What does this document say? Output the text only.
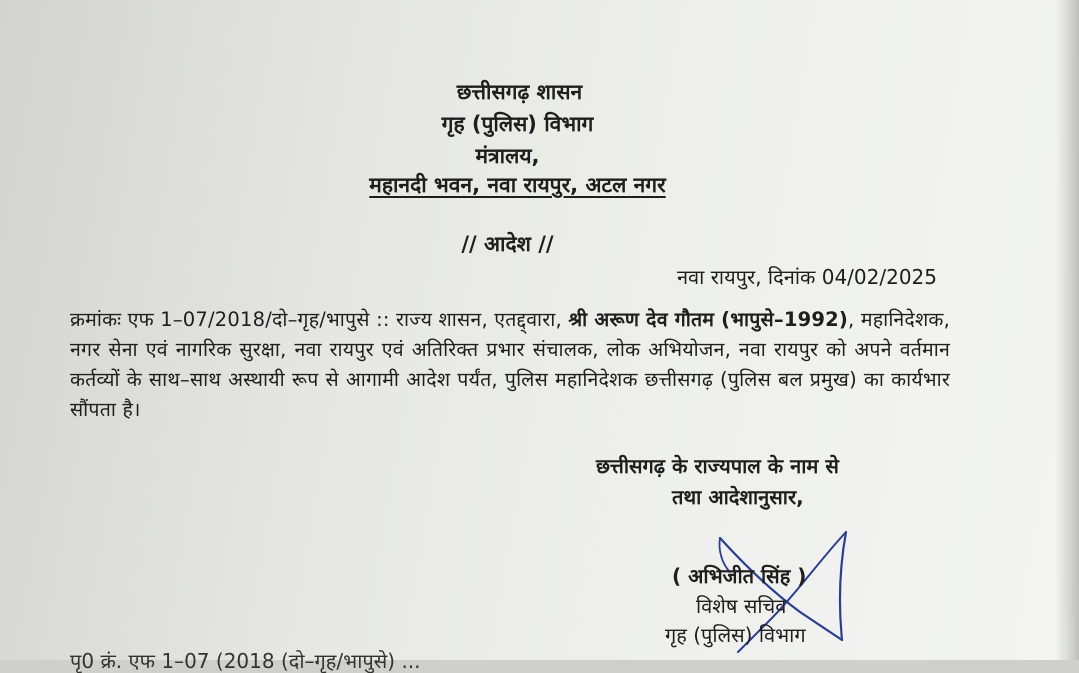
छत्तीसगढ़ शासन
गृह (पुलिस) विभाग
मंत्रालय,
महानदी भवन, नवा रायपुर, अटल नगर
// आदेश //
नवा रायपुर, दिनांक 04/02/2025
क्रमांकः एफ 1–07/2018/दो–गृह/भापुसे :: राज्य शासन, एतद्द्वारा, श्री अरूण देव गौतम (भापुसे–1992), महानिदेशक, नगर सेना एवं नागरिक सुरक्षा, नवा रायपुर एवं अतिरिक्त प्रभार संचालक, लोक अभियोजन, नवा रायपुर को अपने वर्तमान कर्तव्यों के साथ–साथ अस्थायी रूप से आगामी आदेश पर्यंत, पुलिस महानिदेशक छत्तीसगढ़ (पुलिस बल प्रमुख) का कार्यभार सौंपता है।
छत्तीसगढ़ के राज्यपाल के नाम से
तथा आदेशानुसार,
( अभिजीत सिंह )
विशेष सचिव
गृह (पुलिस) विभाग
पृ0 क्रं. एफ 1–07 (2018 (दो–गृह/भापुसे) ...
